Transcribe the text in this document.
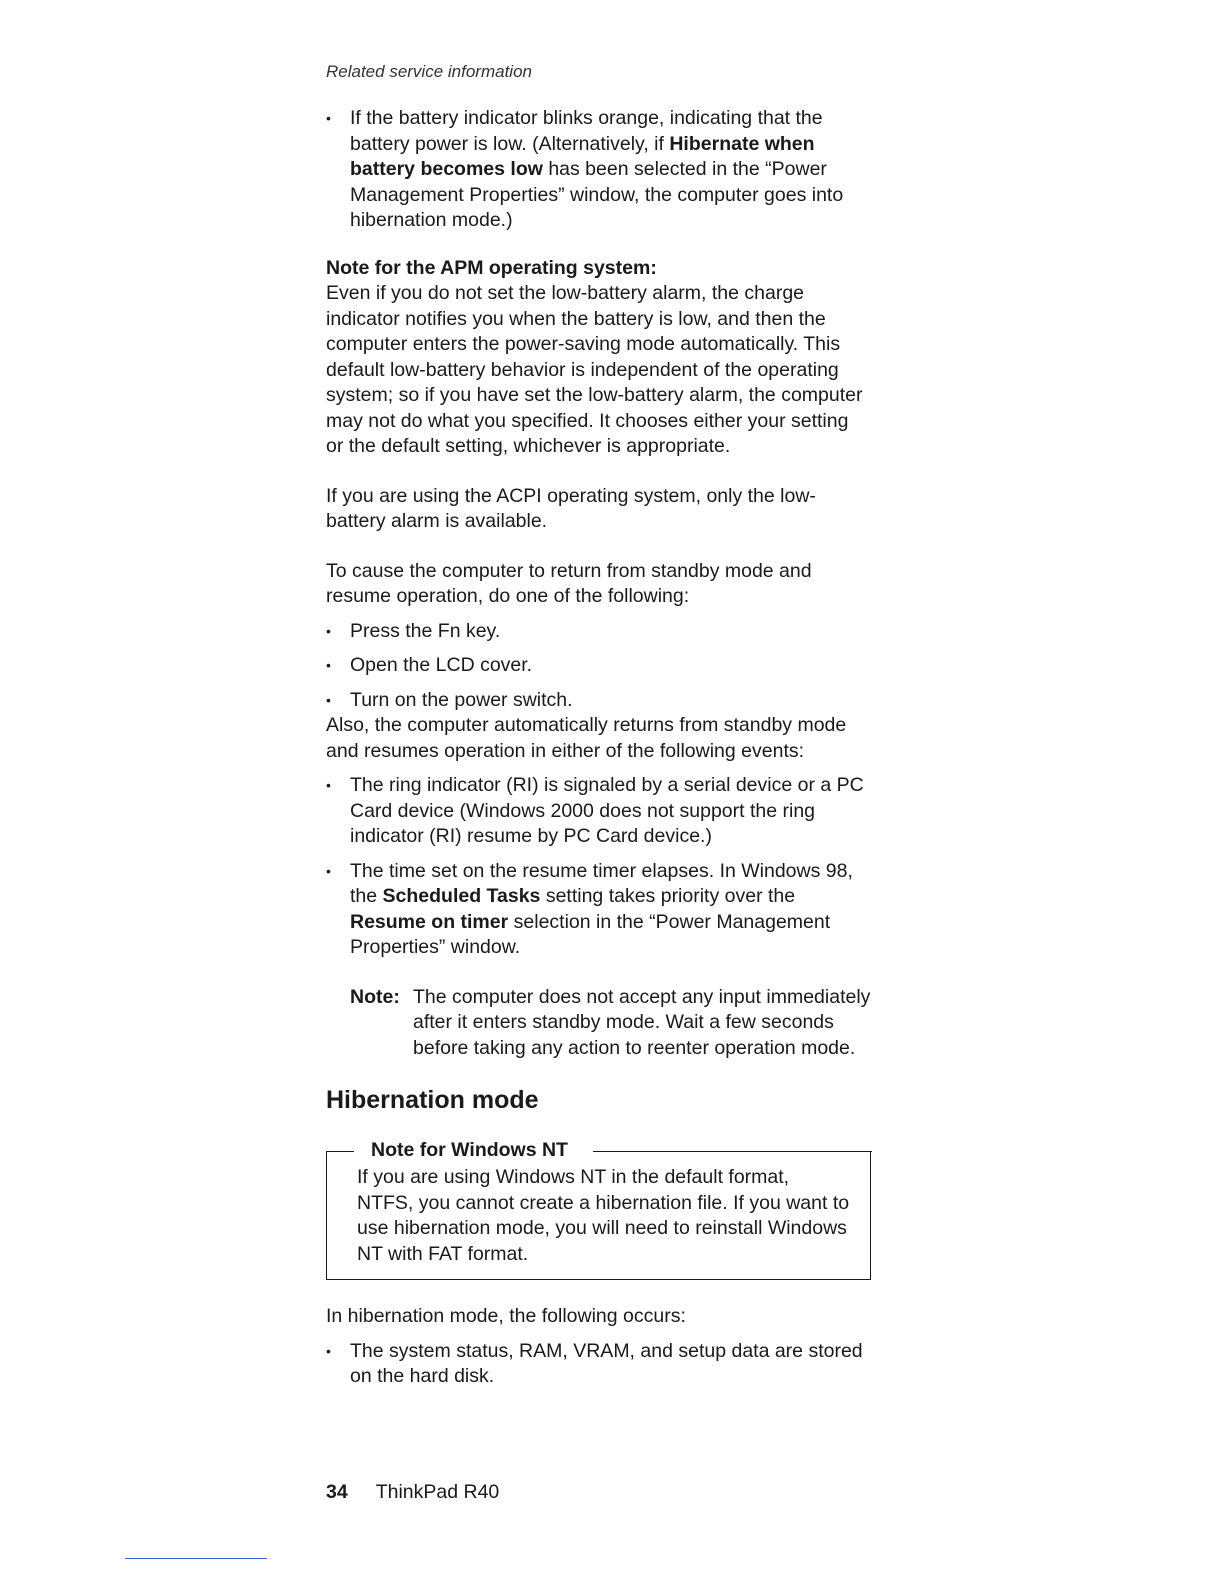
Related service information

• If the battery indicator blinks orange, indicating that the battery power is low. (Alternatively, if Hibernate when battery becomes low has been selected in the “Power Management Properties” window, the computer goes into hibernation mode.)

Note for the APM operating system:

Even if you do not set the low-battery alarm, the charge indicator notifies you when the battery is low, and then the computer enters the power-saving mode automatically. This default low-battery behavior is independent of the operating system; so if you have set the low-battery alarm, the computer may not do what you specified. It chooses either your setting or the default setting, whichever is appropriate.

If you are using the ACPI operating system, only the low-battery alarm is available.

To cause the computer to return from standby mode and resume operation, do one of the following:

• Press the Fn key.

• Open the LCD cover.

• Turn on the power switch.

Also, the computer automatically returns from standby mode and resumes operation in either of the following events:

• The ring indicator (RI) is signaled by a serial device or a PC Card device (Windows 2000 does not support the ring indicator (RI) resume by PC Card device.)

• The time set on the resume timer elapses. In Windows 98, the Scheduled Tasks setting takes priority over the Resume on timer selection in the “Power Management Properties” window.

Note: The computer does not accept any input immediately after it enters standby mode. Wait a few seconds before taking any action to reenter operation mode.
Hibernation mode
Note for Windows NT

If you are using Windows NT in the default format, NTFS, you cannot create a hibernation file. If you want to use hibernation mode, you will need to reinstall Windows NT with FAT format.

In hibernation mode, the following occurs:

• The system status, RAM, VRAM, and setup data are stored on the hard disk.

34 ThinkPad R40
